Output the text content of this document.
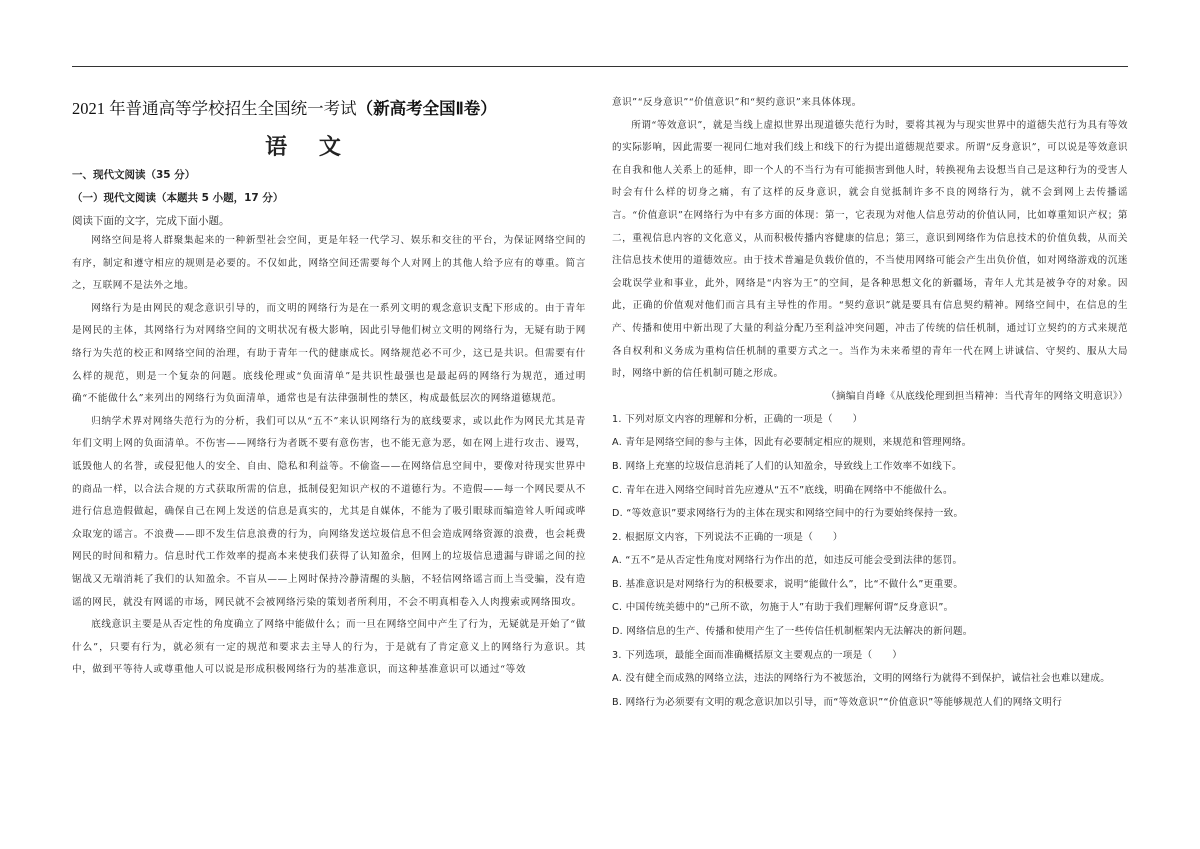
2021 年普通高等学校招生全国统一考试（新高考全国Ⅱ卷）
语 文
一、现代文阅读（35 分）
（一）现代文阅读（本题共 5 小题，17 分）
阅读下面的文字，完成下面小题。

网络空间是将人群聚集起来的一种新型社会空间，更是年轻一代学习、娱乐和交往的平台，为保证网络空间的有序，制定和遵守相应的规则是必要的。不仅如此，网络空间还需要每个人对网上的其他人给予应有的尊重。简言之，互联网不是法外之地。

网络行为是由网民的观念意识引导的，而文明的网络行为是在一系列文明的观念意识支配下形成的。由于青年是网民的主体，其网络行为对网络空间的文明状况有极大影响，因此引导他们树立文明的网络行为，无疑有助于网络行为失范的校正和网络空间的治理，有助于青年一代的健康成长。网络规范必不可少，这已是共识。但需要有什么样的规范，则是一个复杂的问题。底线伦理或“负面清单”是共识性最强也是最起码的网络行为规范，通过明确“不能做什么”来列出的网络行为负面清单，通常也是有法律强制性的禁区，构成最低层次的网络道德规范。

归纳学术界对网络失范行为的分析，我们可以从“五不”来认识网络行为的底线要求，或以此作为网民尤其是青年们文明上网的负面清单。不伤害——网络行为者既不要有意伤害，也不能无意为恶，如在网上进行攻击、谩骂，诋毁他人的名誉，或侵犯他人的安全、自由、隐私和利益等。不偷盗——在网络信息空间中，要像对待现实世界中的商品一样，以合法合规的方式获取所需的信息，抵制侵犯知识产权的不道德行为。不造假——每一个网民要从不进行信息造假做起，确保自己在网上发送的信息是真实的，尤其是自媒体，不能为了吸引眼球而编造耸人听闻或哗众取宠的谣言。不浪费——即不发生信息浪费的行为，向网络发送垃圾信息不但会造成网络资源的浪费，也会耗费网民的时间和精力。信息时代工作效率的提高本来使我们获得了认知盈余，但网上的垃圾信息遗漏与辟谣之间的拉锯战又无端消耗了我们的认知盈余。不盲从——上网时保持冷静清醒的头脑，不轻信网络谣言而上当受骗，没有造谣的网民，就没有网谣的市场，网民就不会被网络污染的策划者所利用，不会不明真相卷入人肉搜索或网络围攻。

底线意识主要是从否定性的角度确立了网络中能做什么；而一旦在网络空间中产生了行为，无疑就是开始了“做什么”，只要有行为，就必须有一定的规范和要求去主导人的行为，于是就有了肯定意义上的网络行为意识。其中，做到平等待人或尊重他人可以说是形成积极网络行为的基准意识，而这种基准意识可以通过“等效

意识”“反身意识”“价值意识”和“契约意识”来具体体现。

所谓“等效意识”，就是当线上虚拟世界出现道德失范行为时，要将其视为与现实世界中的道德失范行为具有等效的实际影响，因此需要一视同仁地对我们线上和线下的行为提出道德规范要求。所谓“反身意识”，可以说是等效意识在自我和他人关系上的延伸，即一个人的不当行为有可能损害到他人时，转换视角去设想当自己是这种行为的受害人时会有什么样的切身之痛，有了这样的反身意识，就会自觉抵制许多不良的网络行为，就不会到网上去传播谣言。“价值意识”在网络行为中有多方面的体现：第一，它表现为对他人信息劳动的价值认同，比如尊重知识产权；第二，重视信息内容的文化意义，从而积极传播内容健康的信息；第三，意识到网络作为信息技术的价值负载，从而关注信息技术使用的道德效应。由于技术普遍是负载价值的，不当使用网络可能会产生出负价值，如对网络游戏的沉迷会耽误学业和事业，此外，网络是“内容为王”的空间，是各种思想文化的新疆场，青年人尤其是被争夺的对象。因此，正确的价值观对他们而言具有主导性的作用。“契约意识”就是要具有信息契约精神。网络空间中，在信息的生产、传播和使用中新出现了大量的利益分配乃至利益冲突问题，冲击了传统的信任机制，通过订立契约的方式来规范各自权利和义务成为重构信任机制的重要方式之一。当作为未来希望的青年一代在网上讲诚信、守契约、服从大局时，网络中新的信任机制可随之形成。

（摘编自肖峰《从底线伦理到担当精神：当代青年的网络文明意识》）

1. 下列对原文内容的理解和分析，正确的一项是（　　）

A. 青年是网络空间的参与主体，因此有必要制定相应的规则，来规范和管理网络。

B. 网络上充塞的垃圾信息消耗了人们的认知盈余，导致线上工作效率不如线下。

C. 青年在进入网络空间时首先应遵从“五不”底线，明确在网络中不能做什么。

D. “等效意识”要求网络行为的主体在现实和网络空间中的行为要始终保持一致。

2. 根据原文内容，下列说法不正确的一项是（　　）

A. “五不”是从否定性角度对网络行为作出的范，如违反可能会受到法律的惩罚。

B. 基准意识是对网络行为的积极要求，说明“能做什么”，比“不做什么”更重要。

C. 中国传统美德中的“己所不欲，勿施于人”有助于我们理解何谓“反身意识”。

D. 网络信息的生产、传播和使用产生了一些传信任机制框架内无法解决的新问题。

3. 下列选项，最能全面而准确概括原文主要观点的一项是（　　）

A. 没有健全而成熟的网络立法，违法的网络行为不被惩治，文明的网络行为就得不到保护，诚信社会也难以建成。

B. 网络行为必须要有文明的观念意识加以引导，而“等效意识”“价值意识”等能够规范人们的网络文明行
